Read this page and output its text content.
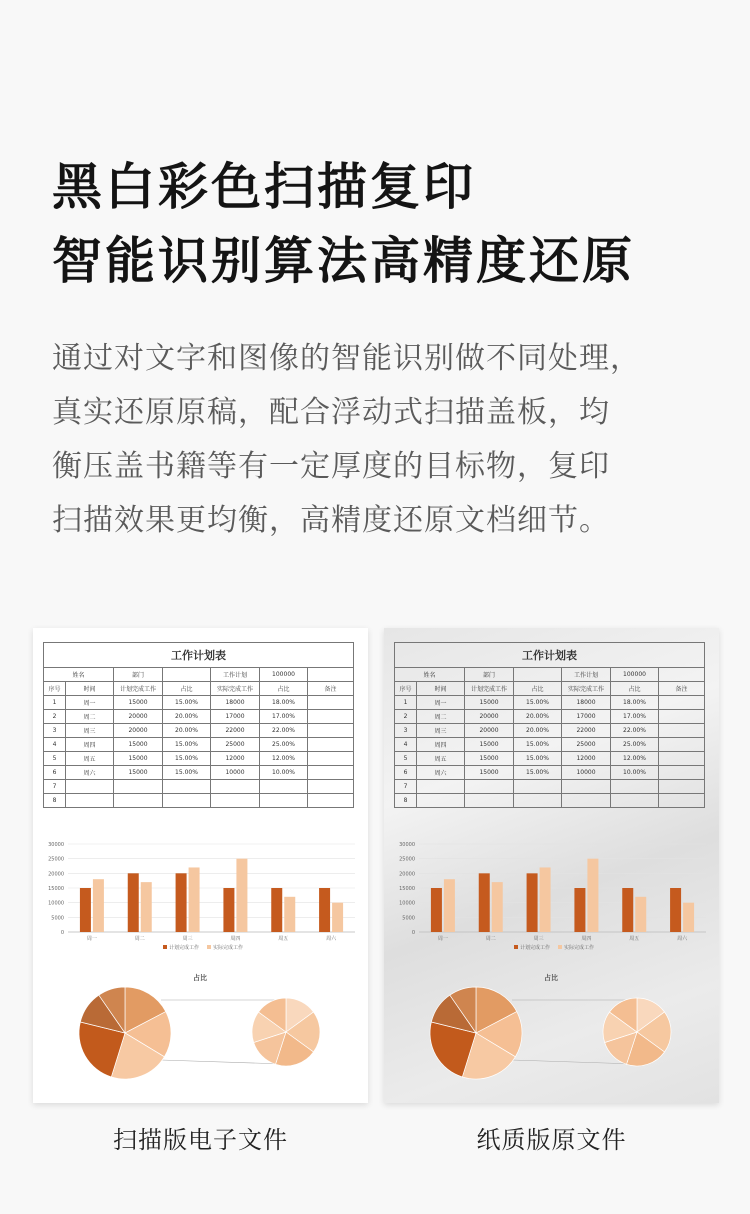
黑白彩色扫描复印
智能识别算法高精度还原

通过对文字和图像的智能识别做不同处理，
真实还原原稿，配合浮动式扫描盖板，均
衡压盖书籍等有一定厚度的目标物，复印
扫描效果更均衡，高精度还原文档细节。

工作计划表						
姓名		部门		工作计划	100000	
序号	时间	计划完成工作	占比	实际完成工作	占比	备注
1	周一	15000	15.00%	18000	18.00%	
2	周二	20000	20.00%	17000	17.00%	
3	周三	20000	20.00%	22000	22.00%	
4	周四	15000	15.00%	25000	25.00%	
5	周五	15000	15.00%	12000	12.00%	
6	周六	15000	15.00%	10000	10.00%	
7						
8						
0
5000
10000
15000
20000
25000
30000
周一	周二	周三	周四	周五	周六
计划完成工作	实际完成工作
占比
工作计划表						
姓名		部门		工作计划	100000	
序号	时间	计划完成工作	占比	实际完成工作	占比	备注
1	周一	15000	15.00%	18000	18.00%	
2	周二	20000	20.00%	17000	17.00%	
3	周三	20000	20.00%	22000	22.00%	
4	周四	15000	15.00%	25000	25.00%	
5	周五	15000	15.00%	12000	12.00%	
6	周六	15000	15.00%	10000	10.00%	
7						
8						
0
5000
10000
15000
20000
25000
30000
周一	周二	周三	周四	周五	周六
计划完成工作	实际完成工作
占比
扫描版电子文件	纸质版原文件
